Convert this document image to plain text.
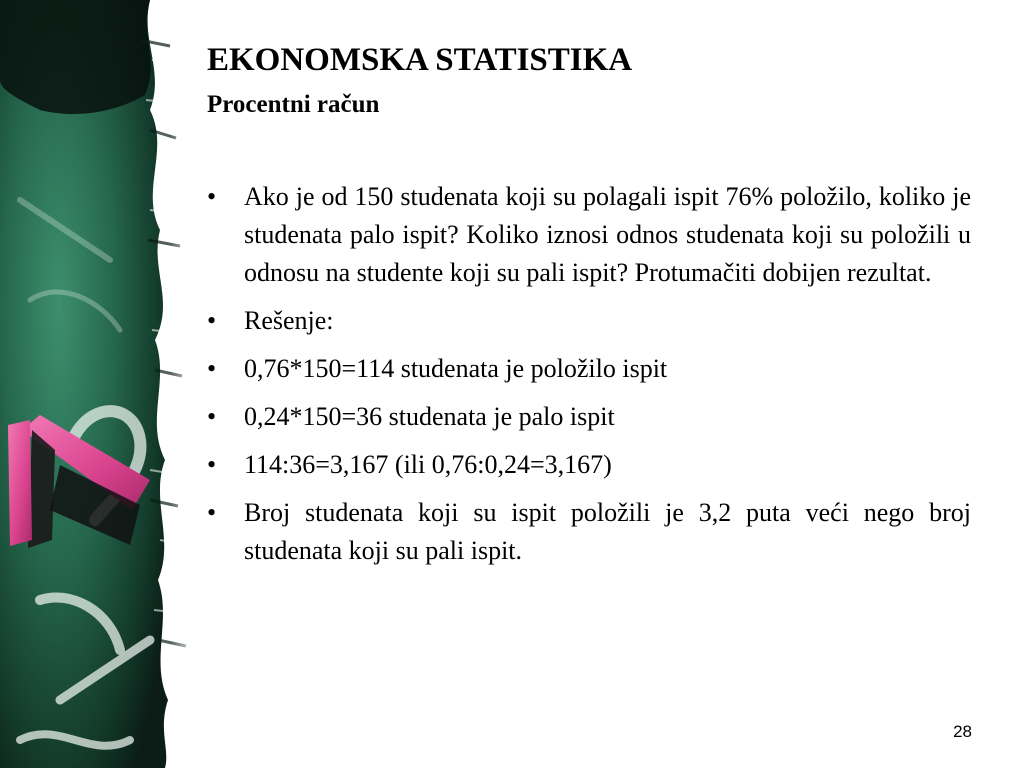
EKONOMSKA STATISTIKA
Procentni račun
•	Ako je od 150 studenata koji su polagali ispit 76% položilo, koliko je studenata palo ispit? Koliko iznosi odnos studenata koji su položili u odnosu na studente koji su pali ispit? Protumačiti dobijen rezultat.
•	Rešenje:
•	0,76*150=114 studenata je položilo ispit
•	0,24*150=36 studenata je palo ispit
•	114:36=3,167 (ili 0,76:0,24=3,167)
•	Broj studenata koji su ispit položili je 3,2 puta veći nego broj studenata koji su pali ispit.
28
